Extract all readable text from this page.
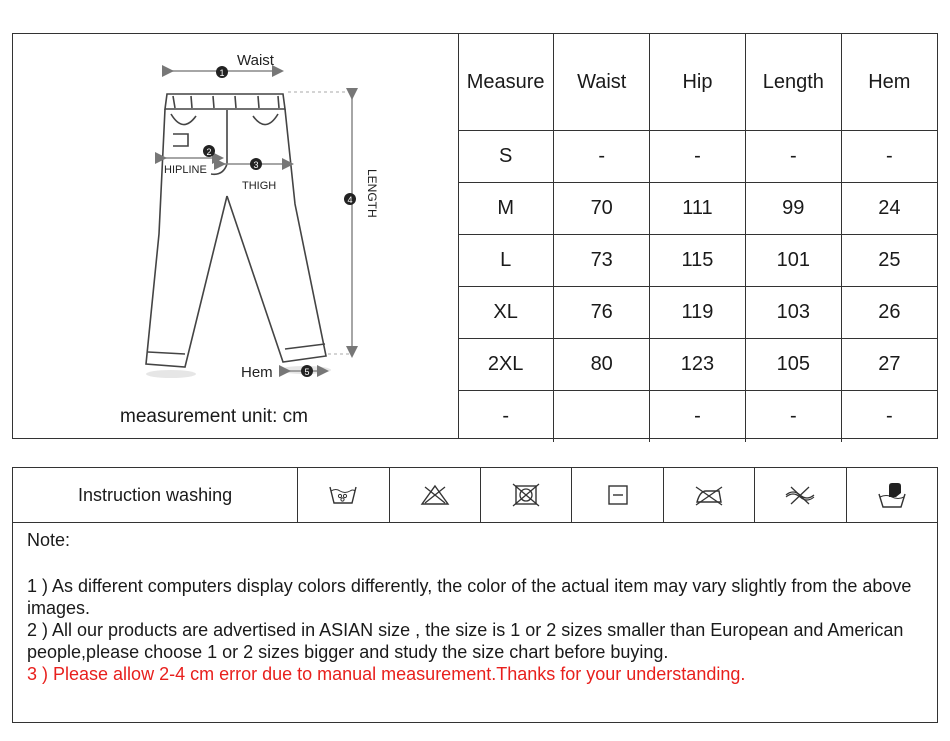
Waist
1
2
HIPLINE	3
THIGH
4 LENGTH
Hem	5
measurement unit: cm
Measure	Waist	Hip	Length	Hem
S	-	-	-	-
M	70	111	99	24
L	73	115	101	25
XL	76	119	103	26
2XL	80	123	105	27
-		-	-	-
Instruction washing

Note:

1 ) As different computers display colors differently, the color of the actual item may vary slightly from the above images.

2 ) All our products are advertised in ASIAN size , the size is 1 or 2 sizes smaller than European and American people,please choose 1 or 2 sizes bigger and study the size chart before buying.

3 ) Please allow 2-4 cm error due to manual measurement.Thanks for your understanding.
